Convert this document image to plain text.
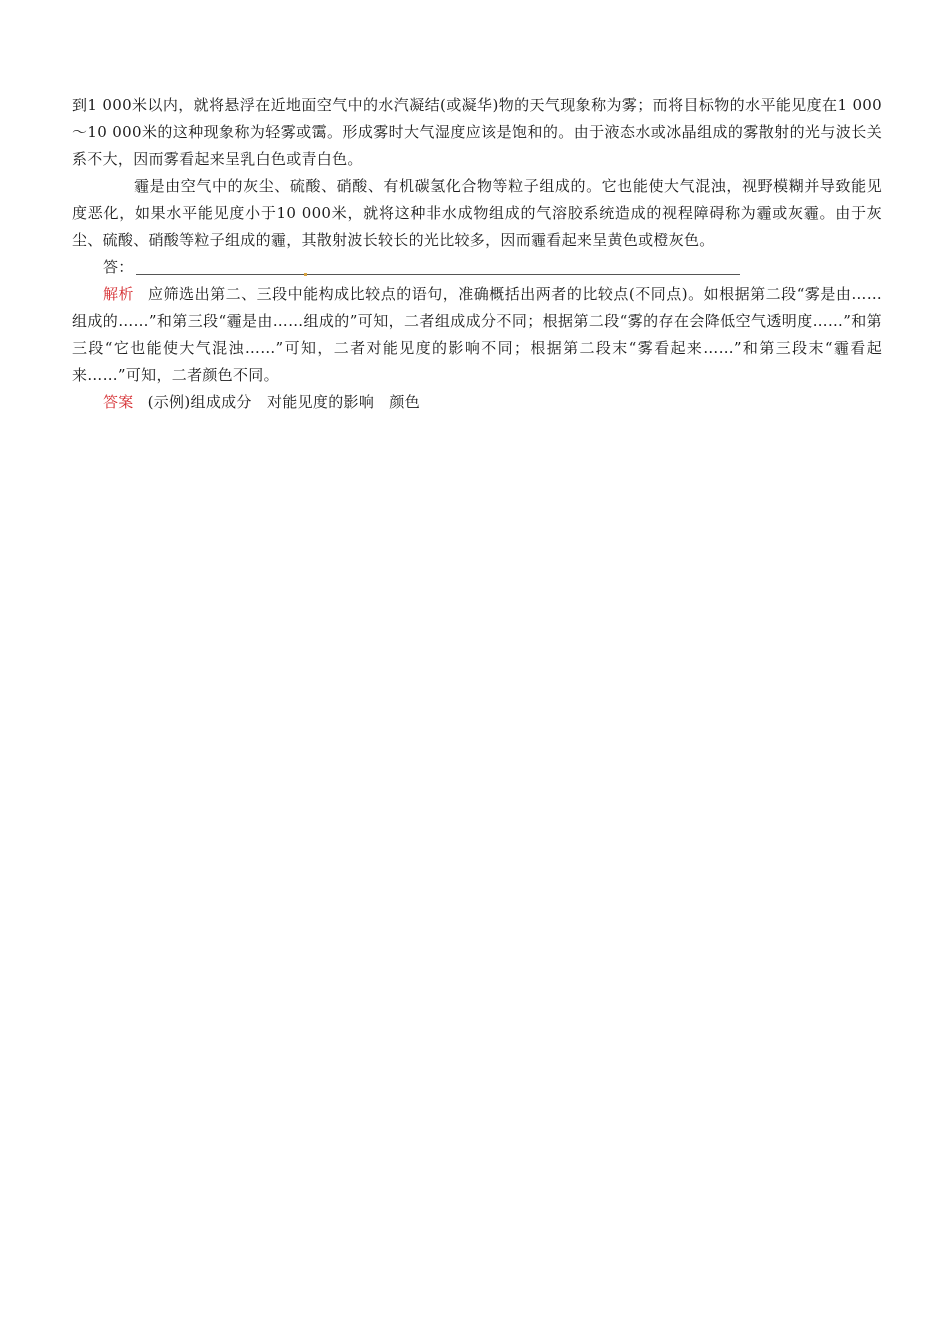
到1 000米以内，就将悬浮在近地面空气中的水汽凝结(或凝华)物的天气现象称为雾；而将目标物的水平能见度在1 000～10 000米的这种现象称为轻雾或霭。形成雾时大气湿度应该是饱和的。由于液态水或冰晶组成的雾散射的光与波长关系不大，因而雾看起来呈乳白色或青白色。

霾是由空气中的灰尘、硫酸、硝酸、有机碳氢化合物等粒子组成的。它也能使大气混浊，视野模糊并导致能见度恶化，如果水平能见度小于10 000米，就将这种非水成物组成的气溶胶系统造成的视程障碍称为霾或灰霾。由于灰尘、硫酸、硝酸等粒子组成的霾，其散射波长较长的光比较多，因而霾看起来呈黄色或橙灰色。

答：

解析 应筛选出第二、三段中能构成比较点的语句，准确概括出两者的比较点(不同点)。如根据第二段“雾是由……组成的……”和第三段“霾是由……组成的”可知，二者组成成分不同；根据第二段“雾的存在会降低空气透明度……”和第三段“它也能使大气混浊……”可知，二者对能见度的影响不同；根据第二段末“雾看起来……”和第三段末“霾看起来……”可知，二者颜色不同。

答案 (示例)组成成分　对能见度的影响　颜色
